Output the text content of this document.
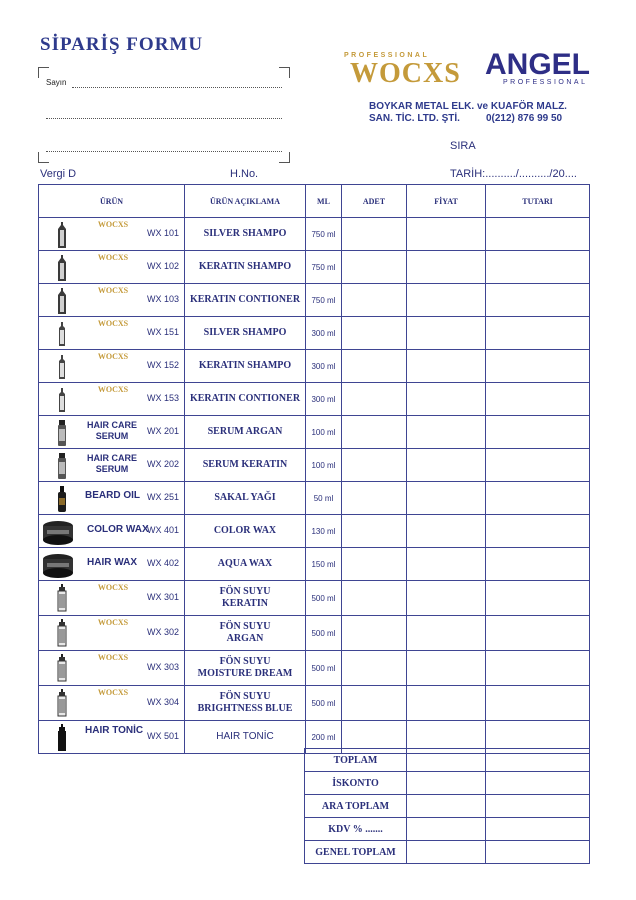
SİPARİŞ FORMU
Sayın
PROFESSIONAL
WOCXS ANGEL
PROFESSIONAL
BOYKAR METAL ELK. ve KUAFÖR MALZ.
SAN. TİC. LTD. ŞTİ.	0(212) 876 99 50
SIRA
Vergi D	H.No.	TARİH:........../........../20....
ÜRÜN	ÜRÜN AÇIKLAMA	ML	ADET	FİYAT	TUTARI

WOCXS

WX 101	SILVER SHAMPO	750 ml			

WOCXS

WX 102	KERATIN SHAMPO	750 ml			

WOCXS

WX 103	KERATIN CONTIONER	750 ml			

WOCXS

WX 151	SILVER SHAMPO	300 ml			

WOCXS

WX 152	KERATIN SHAMPO	300 ml			

WOCXS

WX 153	KERATIN CONTIONER	300 ml			

HAIR CARE
SERUM WX 201	SERUM ARGAN	100 ml			

HAIR CARE
SERUM WX 202	SERUM KERATIN	100 ml			

BEARD OIL WX 251	SAKAL YAĞI	50 ml			

COLOR WAX
WX 401	COLOR WAX	130 ml			

HAIR WAX WX 402	AQUA WAX	150 ml			

WOCXS

WX 301	FÖN SUYU
KERATIN	500 ml			

WOCXS

WX 302	FÖN SUYU
ARGAN	500 ml			

WOCXS

WX 303	FÖN SUYU
MOISTURE DREAM	500 ml			

WOCXS

WX 304	FÖN SUYU
BRIGHTNESS BLUE	500 ml			

HAIR TONİC WX 501	HAIR TONİC	200 ml			
TOPLAM		
İSKONTO		
ARA TOPLAM		
KDV % .......		
GENEL TOPLAM		
